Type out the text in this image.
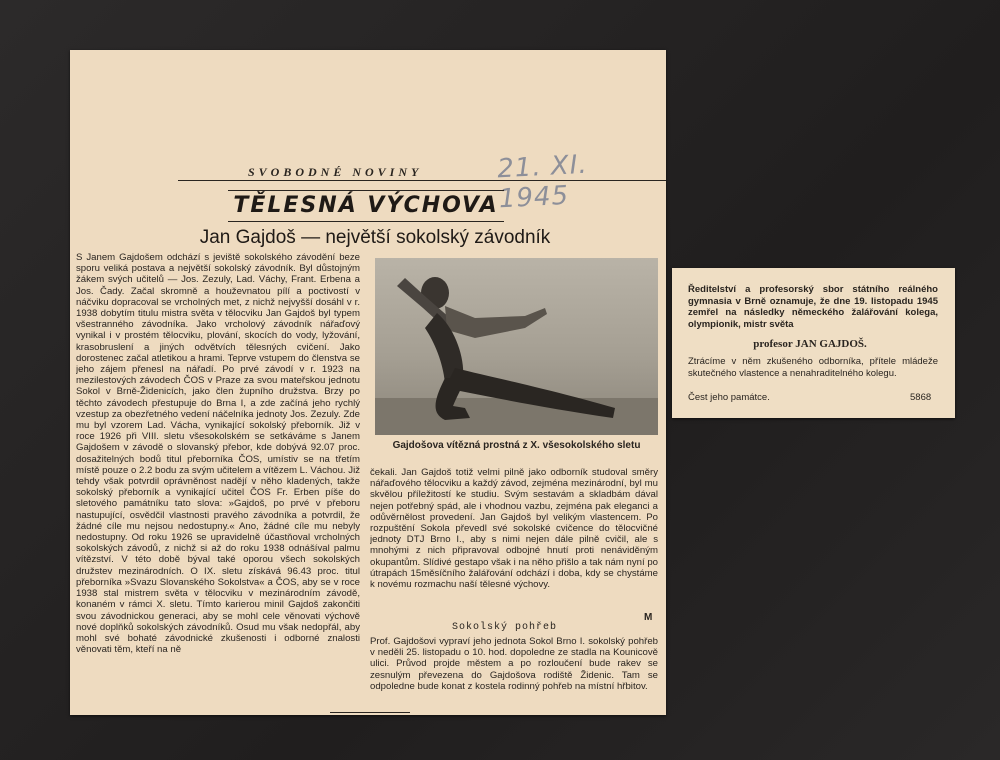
SVOBODNÉ NOVINY	21. XI. 1945
TĚLESNÁ VÝCHOVA
Jan Gajdoš — největší sokolský závodník

S Janem Gajdošem odchází s jeviště sokolského závodění beze sporu veliká postava a největší sokolský závodník. Byl důstojným žákem svých učitelů — Jos. Zezuly, Lad. Váchy, Frant. Erbena a Jos. Čady. Začal skromně a houževnatou pílí a poctivostí v náčviku dopracoval se vrcholných met, z nichž nejvyšší dosáhl v r. 1938 dobytím titulu mistra světa v tělocviku Jan Gajdoš byl typem všestranného závodníka. Jako vrcholový závodník nářaďový vynikal i v prostém tělocviku, plování, skocích do vody, lyžování, krasobruslení a jiných odvětvích tělesných cvičení. Jako dorostenec začal atletikou a hrami. Teprve vstupem do členstva se jeho zájem přenesl na nářadí. Po prvé závodí v r. 1923 na mezilestových závodech ČOS v Praze za svou mateřskou jednotu Sokol v Brně-Židenicích, jako člen župního družstva. Brzy po těchto závodech přestupuje do Brna I, a zde začíná jeho rychlý vzestup za obezřetného vedení náčelníka jednoty Jos. Zezuly. Zde mu byl vzorem Lad. Vácha, vynikající sokolský přeborník. Již v roce 1926 při VIII. sletu všesokolském se setkáváme s Janem Gajdošem v závodě o slovanský přebor, kde dobývá 92.07 proc. dosažitelných bodů titul přeborníka ČOS, umístiv se na třetím místě pouze o 2.2 bodu za svým učitelem a vítězem L. Váchou. Již tehdy však potvrdil oprávněnost nadějí v něho kladených, takže sokolský přeborník a vynikající učitel ČOS Fr. Erben píše do sletového památníku tato slova: »Gajdoš, po prvé v přeboru nastupující, osvědčil vlastnosti pravého závodníka a potvrdil, že žádné cíle mu nejsou nedostupny.« Ano, žádné cíle mu nebyly nedostupny. Od roku 1926 se upravidelně účastňoval vrcholných sokolských závodů, z nichž si až do roku 1938 odnášíval palmu vítězství. V této době býval také oporou všech sokolských družstev mezinárodních. O IX. sletu získává 96.43 proc. titul přeborníka »Svazu Slovanského Sokolstva« a ČOS, aby se v roce 1938 stal mistrem světa v tělocviku v mezinárodním závodě, konaném v rámci X. sletu. Tímto karierou minil Gajdoš zakončiti svou závodnickou generaci, aby se mohl cele věnovati výchově nové doplňků sokolských závodníků. Osud mu však nedopřál, aby mohl své bohaté závodnické zkušenosti i odborné znalosti věnovati těm, kteří na ně

Gajdošova vítězná prostná z X. všesokolského sletu

čekali. Jan Gajdoš totiž velmi pilně jako odborník studoval směry nářaďového tělocviku a každý závod, zejména mezinárodní, byl mu skvělou příležitostí ke studiu. Svým sestavám a skladbám dával nejen potřebný spád, ale i vhodnou vazbu, zejména pak eleganci a odůvěrnělost provedení. Jan Gajdoš byl velikým vlastencem. Po rozpuštění Sokola převedl své sokolské cvičence do tělocvičné jednoty DTJ Brno I., aby s nimi nejen dále pilně cvičil, ale s mnohými z nich připravoval odbojné hnutí proti nenáviděným okupantům. Slídivé gestapo však i na něho přišlo a tak nám nyní po útrapách 15měsíčního žalářování odchází i doba, kdy se chystáme k novému rozmachu naší tělesné výchovy.

M
Sokolský pohřeb

Prof. Gajdošovi vypraví jeho jednota Sokol Brno I. sokolský pohřeb v neděli 25. listopadu o 10. hod. dopoledne ze stadla na Kounicově ulici. Průvod projde městem a po rozloučení bude rakev se zesnulým převezena do Gajdošova rodiště Židenic. Tam se odpoledne bude konat z kostela rodinný pohřeb na místní hřbitov.

Ředitelství a profesorský sbor státního reálného gymnasia v Brně oznamuje, že dne 19. listopadu 1945 zemřel na následky německého žalářování kolega, olympionik, mistr světa
profesor JAN GAJDOŠ.
Ztrácíme v něm zkušeného odborníka, přítele mládeže skutečného vlastence a nenahraditelného kolegu.
Čest jeho památce.	5868
